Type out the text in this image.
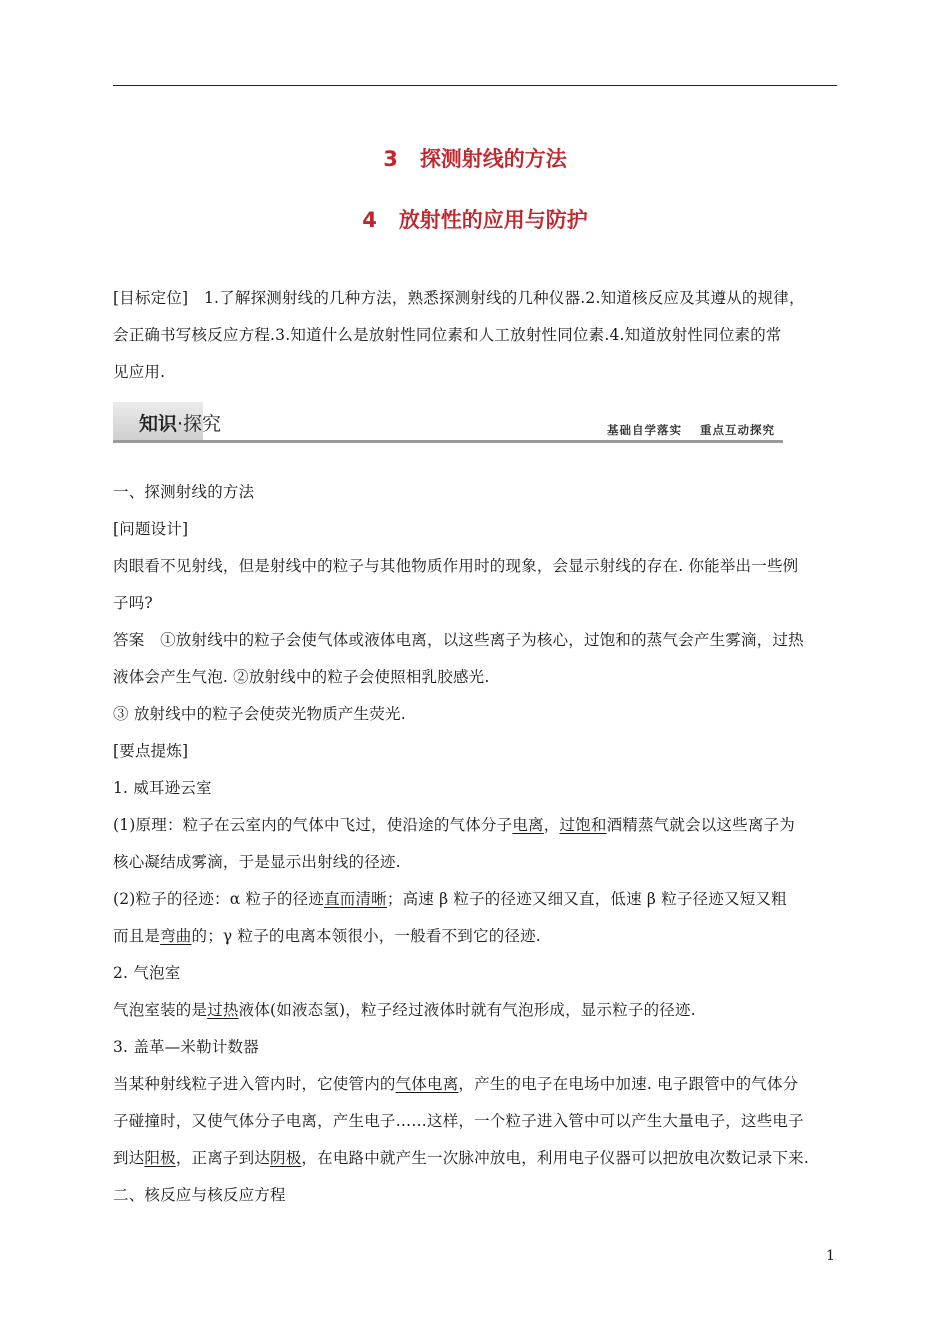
3 探测射线的方法
4 放射性的应用与防护
[目标定位]　1.了解探测射线的几种方法，熟悉探测射线的几种仪器.2.知道核反应及其遵从的规律，
会正确书写核反应方程.3.知道什么是放射性同位素和人工放射性同位素.4.知道放射性同位素的常
见应用.
知识·探究	基础自学落实 重点互动探究
一、探测射线的方法
[问题设计]
肉眼看不见射线，但是射线中的粒子与其他物质作用时的现象，会显示射线的存在. 你能举出一些例
子吗?
答案　①放射线中的粒子会使气体或液体电离，以这些离子为核心，过饱和的蒸气会产生雾滴，过热
液体会产生气泡. ②放射线中的粒子会使照相乳胶感光.
③ 放射线中的粒子会使荧光物质产生荧光.
[要点提炼]
1. 威耳逊云室
(1)原理：粒子在云室内的气体中飞过，使沿途的气体分子电离，过饱和酒精蒸气就会以这些离子为
核心凝结成雾滴，于是显示出射线的径迹.
(2)粒子的径迹：α 粒子的径迹直而清晰；高速 β 粒子的径迹又细又直，低速 β 粒子径迹又短又粗
而且是弯曲的；γ 粒子的电离本领很小，一般看不到它的径迹.
2. 气泡室
气泡室装的是过热液体(如液态氢)，粒子经过液体时就有气泡形成，显示粒子的径迹.
3. 盖革—米勒计数器
当某种射线粒子进入管内时，它使管内的气体电离，产生的电子在电场中加速. 电子跟管中的气体分
子碰撞时，又使气体分子电离，产生电子……这样，一个粒子进入管中可以产生大量电子，这些电子
到达阳极，正离子到达阴极，在电路中就产生一次脉冲放电，利用电子仪器可以把放电次数记录下来.
二、核反应与核反应方程
1
